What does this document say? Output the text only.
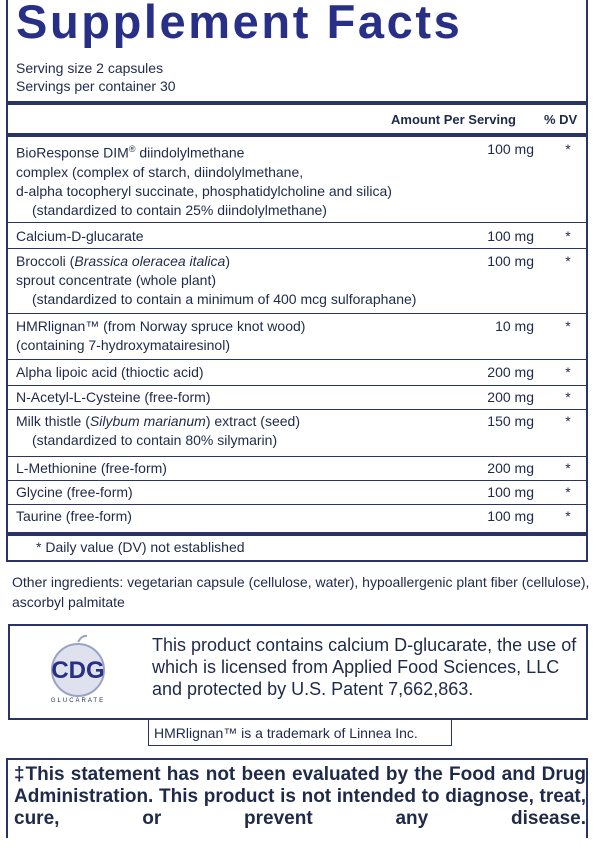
Supplement Facts
Serving size 2 capsules
Servings per container 30
Amount Per Serving % DV
BioResponse DIM® diindolylmethane
complex (complex of starch, diindolylmethane,
d-alpha tocopheryl succinate, phosphatidylcholine and silica)
(standardized to contain 25% diindolylmethane)
100 mg	*
Calcium-D-glucarate	100 mg	*
Broccoli (Brassica oleracea italica)
sprout concentrate (whole plant)
(standardized to contain a minimum of 400 mcg sulforaphane)
100 mg	*
HMRlignan™ (from Norway spruce knot wood)
(containing 7-hydroxymatairesinol)
10 mg	*
Alpha lipoic acid (thioctic acid)	200 mg	*
N-Acetyl-L-Cysteine (free-form)	200 mg	*
Milk thistle (Silybum marianum) extract (seed)
(standardized to contain 80% silymarin)
150 mg	*
L-Methionine (free-form)	200 mg	*
Glycine (free-form)	100 mg	*
Taurine (free-form)	100 mg	*
* Daily value (DV) not established
Other ingredients: vegetarian capsule (cellulose, water), hypoallergenic plant fiber (cellulose), ascorbyl palmitate
CDG
GLUCARATE
This product contains calcium D-glucarate, the use of which is licensed from Applied Food Sciences, LLC and protected by U.S. Patent 7,662,863.
HMRlignan™ is a trademark of Linnea Inc.
‡This statement has not been evaluated by the Food and Drug Administration. This product is not intended to diagnose, treat, cure, or prevent any disease.
